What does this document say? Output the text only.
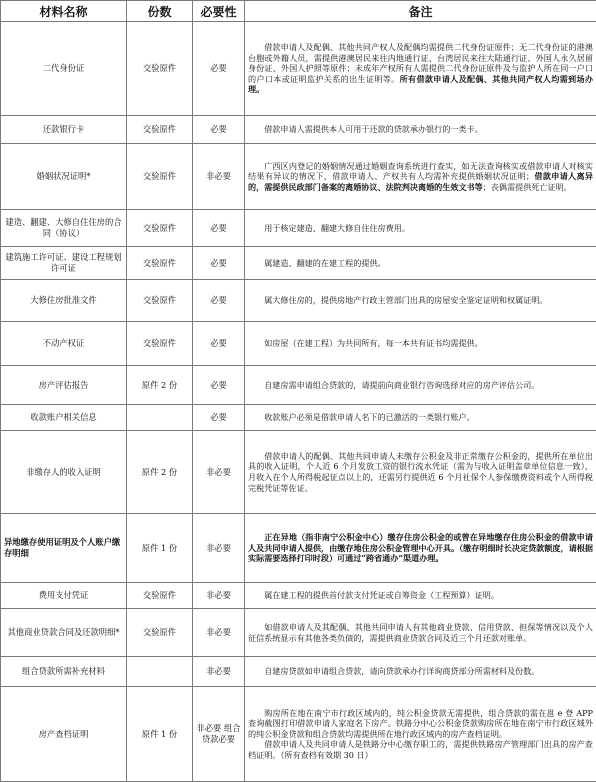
材料名称	份数	必要性	备注
二代身份证	交验原件	必要	借款申请人及配偶、其他共同产权人及配偶均需提供二代身份证原件；无二代身份证的港澳台胞或外籍人员，需提供港澳居民来往内地通行证、台湾居民来往大陆通行证、外国人永久居留身份证、外国人护照等原件；未成年产权所有人需提供二代身份证原件及与监护人所在同一户口的户口本或证明监护关系的出生证明等。所有借款申请人及配偶、其他共同产权人均需到场办理。

还款银行卡	交验原件	必要	借款申请人需提供本人可用于还款的贷款承办银行的一类卡。

婚姻状况证明*	交验原件	非必要	广西区内登记的婚姻情况通过婚姻查询系统进行查实，如无法查询核实或借款申请人对核实结果有异议的情况下，借款申请人、产权共有人均需补充提供婚姻状况证明；借款申请人离异的，需提供民政部门备案的离婚协议、法院判决离婚的生效文书等；丧偶需提供死亡证明。

建造、翻建、大修自住住房的合同（协议）	交验原件	必要	用于核定建造、翻建大修自住住房费用。

建筑施工许可证、建设工程规划许可证	交验原件	必要	属建造、翻建的在建工程的提供。

大修住房批准文件	交验原件	必要	属大修住房的，提供房地产行政主管部门出具的房屋安全鉴定证明和权属证明。

不动产权证	交验原件	必要	如房屋（在建工程）为共同所有，每一本共有证书均需提供。

房产评估报告	原件 2 份	必要	自建房需申请组合贷款的，请提前向商业银行咨询选择对应的房产评估公司。

收款账户相关信息		必要	收款账户必须是借款申请人名下的已激活的一类银行账户。

非缴存人的收入证明	原件 2 份	非必要	借款申请人的配偶、其他共同申请人未缴存公积金及非正常缴存公积金的，提供所在单位出具的收入证明，个人近 6 个月发放工资的银行流水凭证（需为与收入证明盖章单位信息一致），月收入在个人所得税起征点以上的，还需另行提供近 6 个月社保个人参保缴费资料或个人所得税完税凭证等佐证。

异地缴存使用证明及个人账户缴存明细	原件 1 份	非必要	正在异地（指非南宁公积金中心）缴存住房公积金的或曾在异地缴存住房公积金的借款申请人及共同申请人提供，由缴存地住房公积金管理中心开具。（缴存明细时长决定贷款额度，请根据实际需要选择打印时段）可通过“跨省通办”渠道办理。

费用支付凭证	交验原件	非必要	属在建工程的提供首付款支付凭证或自筹资金（工程预算）证明。

其他商业贷款合同及还款明细*	交验原件	非必要	如借款申请人及其配偶、其他共同申请人有其他商业贷款、信用贷款、担保等情况以及个人征信系统显示有其他各类负债的，需提供商业贷款合同及近三个月还款对账单。

组合贷款所需补充材料		非必要	自建房贷款如申请组合贷款，请向贷款承办行详询商贷部分所需材料及份数。

房产查档证明	原件 1 份	非必要 组合贷款必要	购房所在地在南宁市行政区域内的，纯公积金贷款无需提供，组合贷款的需在邕 e 登 APP 查询截图打印借款申请人家庭名下房产。铁路分中心公积金贷款购房所在地在南宁市行政区域外的纯公积金贷款和组合贷款均需提供所在地行政区域内的房产查档证明。
借款申请人及共同申请人是铁路分中心缴存职工的，需提供铁路房产管理部门出具的房产查档证明。（所有查档有效期 30 日）
